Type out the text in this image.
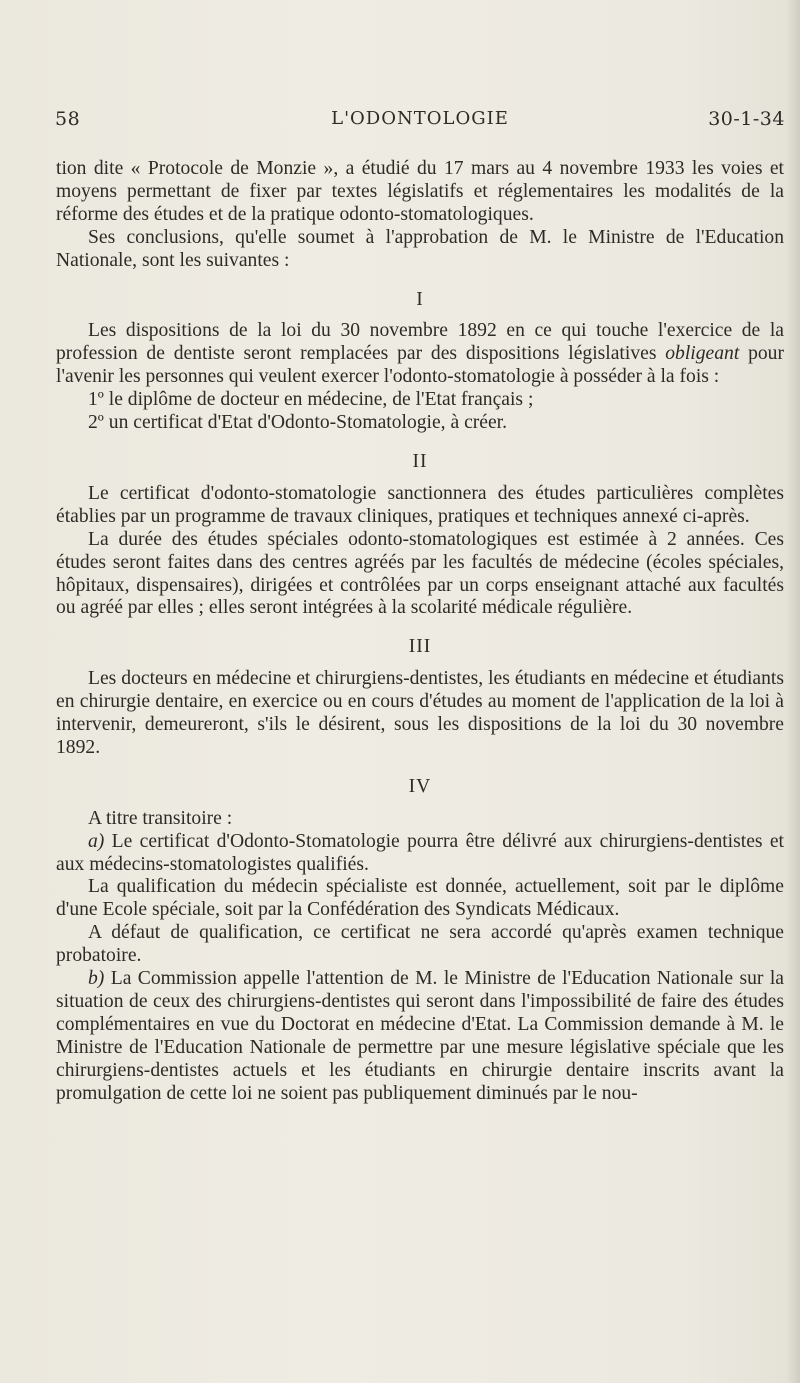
58	L'ODONTOLOGIE	30-1-34

tion dite « Protocole de Monzie », a étudié du 17 mars au 4 novembre 1933 les voies et moyens permettant de fixer par textes législatifs et réglementaires les modalités de la réforme des études et de la pratique odonto-stomatologiques.

Ses conclusions, qu'elle soumet à l'approbation de M. le Ministre de l'Education Nationale, sont les suivantes :

I

Les dispositions de la loi du 30 novembre 1892 en ce qui touche l'exercice de la profession de dentiste seront remplacées par des dispositions législatives obligeant pour l'avenir les personnes qui veulent exercer l'odonto-stomatologie à posséder à la fois :

1º le diplôme de docteur en médecine, de l'Etat français ;

2º un certificat d'Etat d'Odonto-Stomatologie, à créer.

II

Le certificat d'odonto-stomatologie sanctionnera des études particulières complètes établies par un programme de travaux cliniques, pratiques et techniques annexé ci-après.

La durée des études spéciales odonto-stomatologiques est estimée à 2 années. Ces études seront faites dans des centres agréés par les facultés de médecine (écoles spéciales, hôpitaux, dispensaires), dirigées et contrôlées par un corps enseignant attaché aux facultés ou agréé par elles ; elles seront intégrées à la scolarité médicale régulière.

III

Les docteurs en médecine et chirurgiens-dentistes, les étudiants en médecine et étudiants en chirurgie dentaire, en exercice ou en cours d'études au moment de l'application de la loi à intervenir, demeureront, s'ils le désirent, sous les dispositions de la loi du 30 novembre 1892.

IV

A titre transitoire :

a) Le certificat d'Odonto-Stomatologie pourra être délivré aux chirurgiens-dentistes et aux médecins-stomatologistes qualifiés.

La qualification du médecin spécialiste est donnée, actuellement, soit par le diplôme d'une Ecole spéciale, soit par la Confédération des Syndicats Médicaux.

A défaut de qualification, ce certificat ne sera accordé qu'après examen technique probatoire.

b) La Commission appelle l'attention de M. le Ministre de l'Education Nationale sur la situation de ceux des chirurgiens-dentistes qui seront dans l'impossibilité de faire des études complémentaires en vue du Doctorat en médecine d'Etat. La Commission demande à M. le Ministre de l'Education Nationale de permettre par une mesure législative spéciale que les chirurgiens-dentistes actuels et les étudiants en chirurgie dentaire inscrits avant la promulgation de cette loi ne soient pas publiquement diminués par le nou-
